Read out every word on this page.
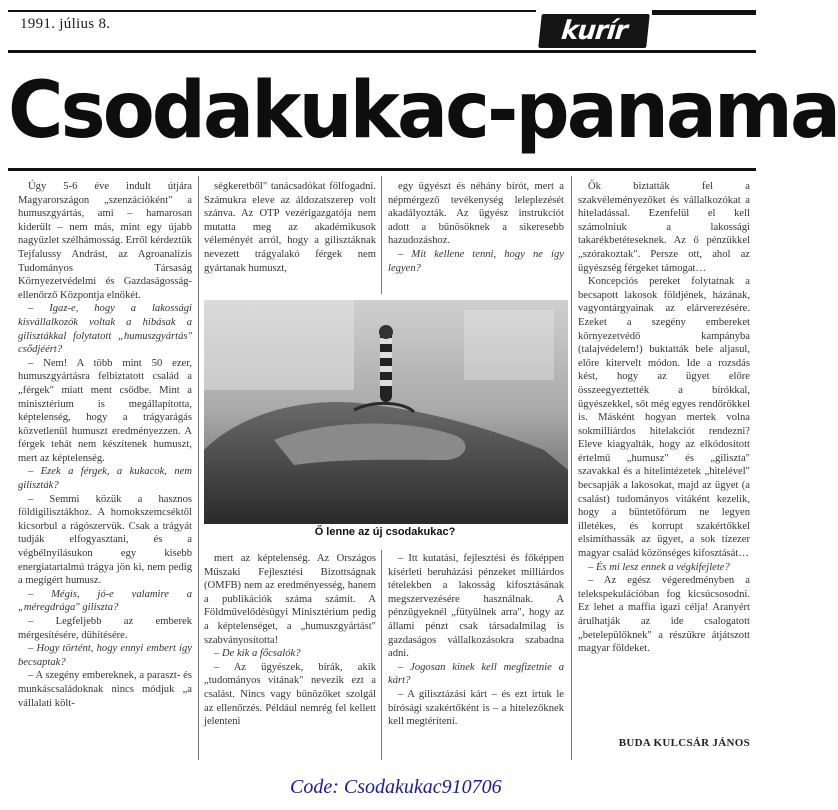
1991. július 8.	kurír
Csodakukac-panama

Úgy 5-6 éve indult útjára Magyarországon „szenzációként" a humuszgyártás, ami – hamarosan kiderült – nem más, mint egy újabb nagyüzlet szélhámosság. Erről kérdeztük Tejfalussy Andrást, az Agroanalízis Tudományos Társaság Környezetvédelmi és Gazdaságosság-ellenőrző Központja elnökét.

– Igaz-e, hogy a lakossági kisvállalkozók voltak a hibásak a gilisztákkal folytatott „humuszgyártás" csődjéért?

– Nem! A több mint 50 ezer, humuszgyártásra felbiztatott család a „férgek" miatt ment csődbe. Mint a minisztérium is megállapította, képtelenség, hogy a trágyarágás közvetlenül humuszt eredményezzen. A férgek tehát nem készítenek humuszt, mert az képtelenség.

– Ezek a férgek, a kukacok, nem giliszták?

– Semmi közük a hasznos földigilisztákhoz. A homokszemcséktől kicsorbul a rágószervük. Csak a trágyát tudják elfogyasztani, és a végbélnyílásukon egy kisebb energiatartalmú trágya jön ki, nem pedig a megígért humusz.

– Mégis, jó-e valamire a „méregdrága" giliszta?

– Legfeljebb az emberek mérgesítésére, dühítésére.

– Hogy történt, hogy ennyi embert így becsaptak?

– A szegény embereknek, a paraszt- és munkáscsaládoknak nincs módjuk „a vállalati költ-

ségkeretből" tanácsadókat fölfogadni. Számukra eleve az áldozatszerep volt szánva. Az OTP vezérigazgatója nem mutatta meg az akadémikusok véleményét arról, hogy a gilisztáknak nevezett trágyalakó férgek nem gyártanak humuszt,

egy ügyészt és néhány bírót, mert a népmérgező tevékenység leleplezését akadályozták. Az ügyész instrukciót adott a bűnösöknek a sikeresebb hazudozáshoz.

– Mit kellene tenni, hogy ne így legyen?

mert az képtelenség. Az Országos Műszaki Fejlesztési Bizottságnak (OMFB) nem az eredményesség, hanem a publikációk száma számít. A Földművelődésügyi Minisztérium pedig a képtelenséget, a „humuszgyártást" szabványosította!

– De kik a főcsalók?

– Az ügyészek, bírák, akik „tudományos vitának" nevezik ezt a csalást. Nincs vagy bűnözőket szolgál az ellenőrzés. Például nemrég fel kellett jelenteni

– Itt kutatási, fejlesztési és főképpen kísérleti beruházási pénzeket milliárdos tételekben a lakosság kifosztásának megszervezésére használnak. A pénzügyeknél „fütyülnek arra", hogy az állami pénzt csak társadalmilag is gazdaságos vállalkozásokra szabadna adni.

– Jogosan kinek kell megfizetnie a kárt?

– A gilisztázási kárt – és ezt írtuk le bírósági szakértőként is – a hitelezőknek kell megtérítení.

Ők biztatták fel a szakvéleményezőket és vállalkozókat a hiteladással. Ezenfelül el kell számolniuk a lakossági takarékbetéteseknek. Az ő pénzükkel „szórakoztak". Persze ott, ahol az ügyészség férgeket támogat…

Koncepciós pereket folytatnak a becsapott lakosok földjének, házának, vagyontárgyainak az elárverezésére. Ezeket a szegény embereket környezetvédő kampányba (talajvédelem!) buktatták bele aljasul, előre kitervelt módon. Ide a rozsdás kést, hogy az ügyet előre összeegyeztették a bírókkal, ügyészekkel, sőt még egyes rendőrökkel is. Másként hogyan mertek volna sokmilliárdos hitelakciót rendezni? Eleve kiagyalták, hogy az elkódosított értelmű „humusz" és „giliszta" szavakkal és a hitelintézetek „hitelével" becsapják a lakosokat, majd az ügyet (a csalást) tudományos vitáként kezelik, hogy a büntetőfórum ne legyen illetékes, és korrupt szakértőkkel elsimíthassák az ügyet, a sok tízezer magyar család közönséges kifosztását…

– És mi lesz ennek a végkifejlete?

– Az egész végeredményben a telekspekulációban fog kicsúcsosodni. Ez lehet a maffia igazi célja! Aranyért árulhatják az ide csalogatott „betelepülőknek" a részükre átjátszott magyar földeket.

BUDA KULCSÁR JÁNOS

Ő lenne az új csodakukac?
Code: Csodakukac910706
